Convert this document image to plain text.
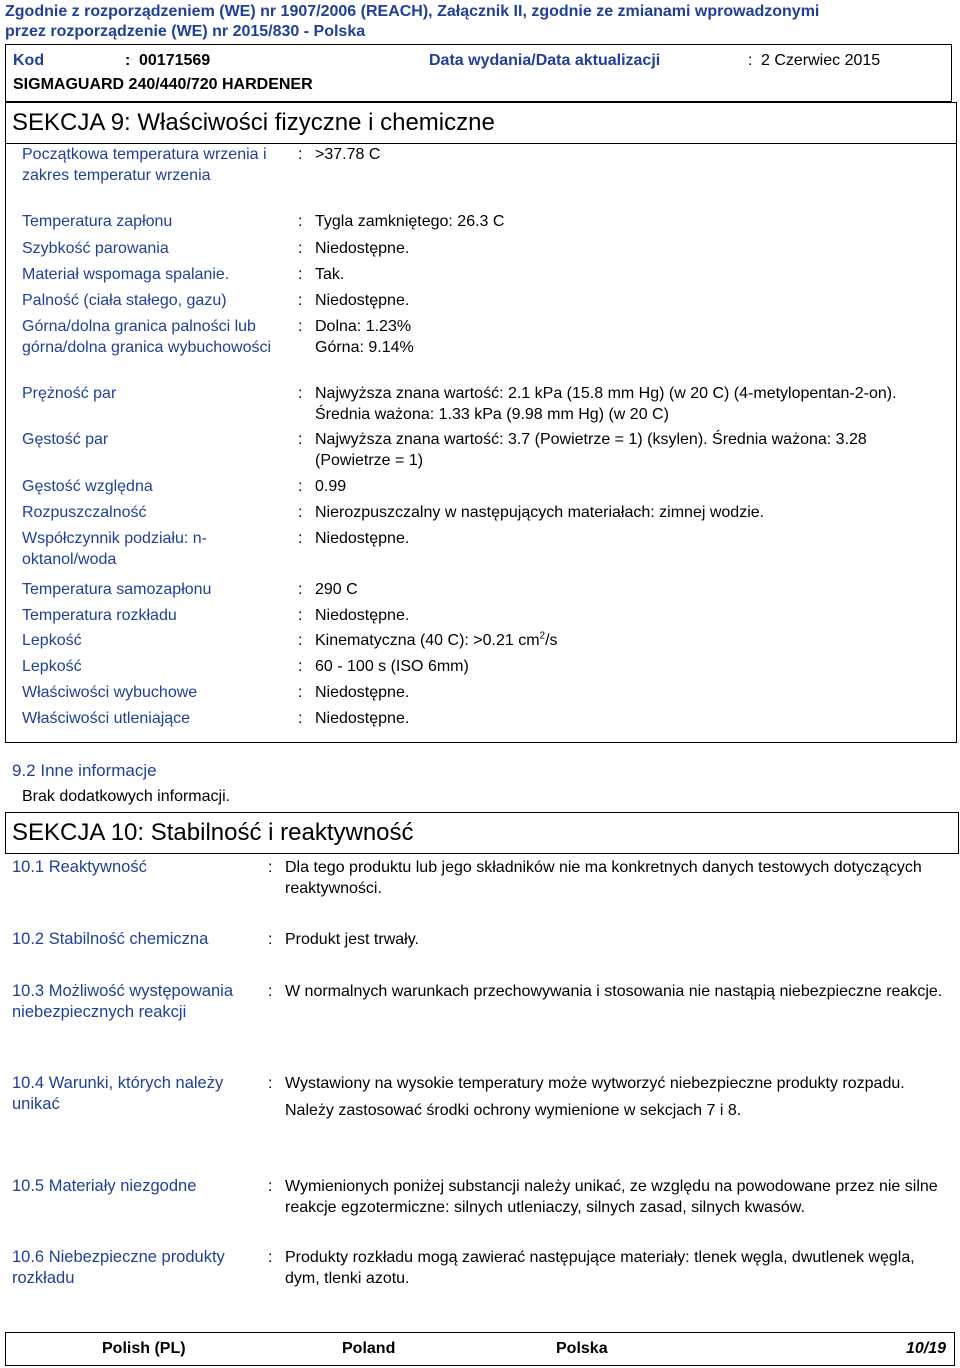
Zgodnie z rozporządzeniem (WE) nr 1907/2006 (REACH), Załącznik II, zgodnie ze zmianami wprowadzonymi
przez rozporządzenie (WE) nr 2015/830 - Polska
Kod	: 00171569	Data wydania/Data aktualizacji	: 2 Czerwiec 2015
SIGMAGUARD 240/440/720 HARDENER
SEKCJA 9: Właściwości fizyczne i chemiczne
Początkowa temperatura wrzenia i zakres temperatur wrzenia
: >37.78 C
Temperatura zapłonu	: Tygla zamkniętego: 26.3 C
Szybkość parowania	: Niedostępne.
Materiał wspomaga spalanie.	: Tak.
Palność (ciała stałego, gazu)	: Niedostępne.
Górna/dolna granica palności lub górna/dolna granica wybuchowości
: Dolna: 1.23%
Górna: 9.14%
Prężność par	: Najwyższa znana wartość: 2.1 kPa (15.8 mm Hg) (w 20 C) (4-metylopentan-2-on). Średnia ważona: 1.33 kPa (9.98 mm Hg) (w 20 C)
Gęstość par	: Najwyższa znana wartość: 3.7 (Powietrze = 1) (ksylen). Średnia ważona: 3.28 (Powietrze = 1)
Gęstość względna	: 0.99
Rozpuszczalność	: Nierozpuszczalny w następujących materiałach: zimnej wodzie.
Współczynnik podziału: n-oktanol/woda
: Niedostępne.
Temperatura samozapłonu	: 290 C
Temperatura rozkładu	: Niedostępne.
Lepkość	: Kinematyczna (40 C): >0.21 $cm^2/s$
Lepkość	: 60 - 100 s (ISO 6mm)
Właściwości wybuchowe	: Niedostępne.
Właściwości utleniające	: Niedostępne.
9.2 Inne informacje
Brak dodatkowych informacji.
SEKCJA 10: Stabilność i reaktywność
10.1 Reaktywność	: Dla tego produktu lub jego składników nie ma konkretnych danych testowych dotyczących reaktywności.
10.2 Stabilność chemiczna	: Produkt jest trwały.
10.3 Możliwość występowania niebezpiecznych reakcji
: W normalnych warunkach przechowywania i stosowania nie nastąpią niebezpieczne reakcje.
10.4 Warunki, których należy unikać
: Wystawiony na wysokie temperatury może wytworzyć niebezpieczne produkty rozpadu.
Należy zastosować środki ochrony wymienione w sekcjach 7 i 8.
10.5 Materiały niezgodne	: Wymienionych poniżej substancji należy unikać, ze względu na powodowane przez nie silne reakcje egzotermiczne: silnych utleniaczy, silnych zasad, silnych kwasów.
10.6 Niebezpieczne produkty rozkładu
: Produkty rozkładu mogą zawierać następujące materiały: tlenek węgla, dwutlenek węgla, dym, tlenki azotu.
Polish (PL)	Poland	Polska	10/19
